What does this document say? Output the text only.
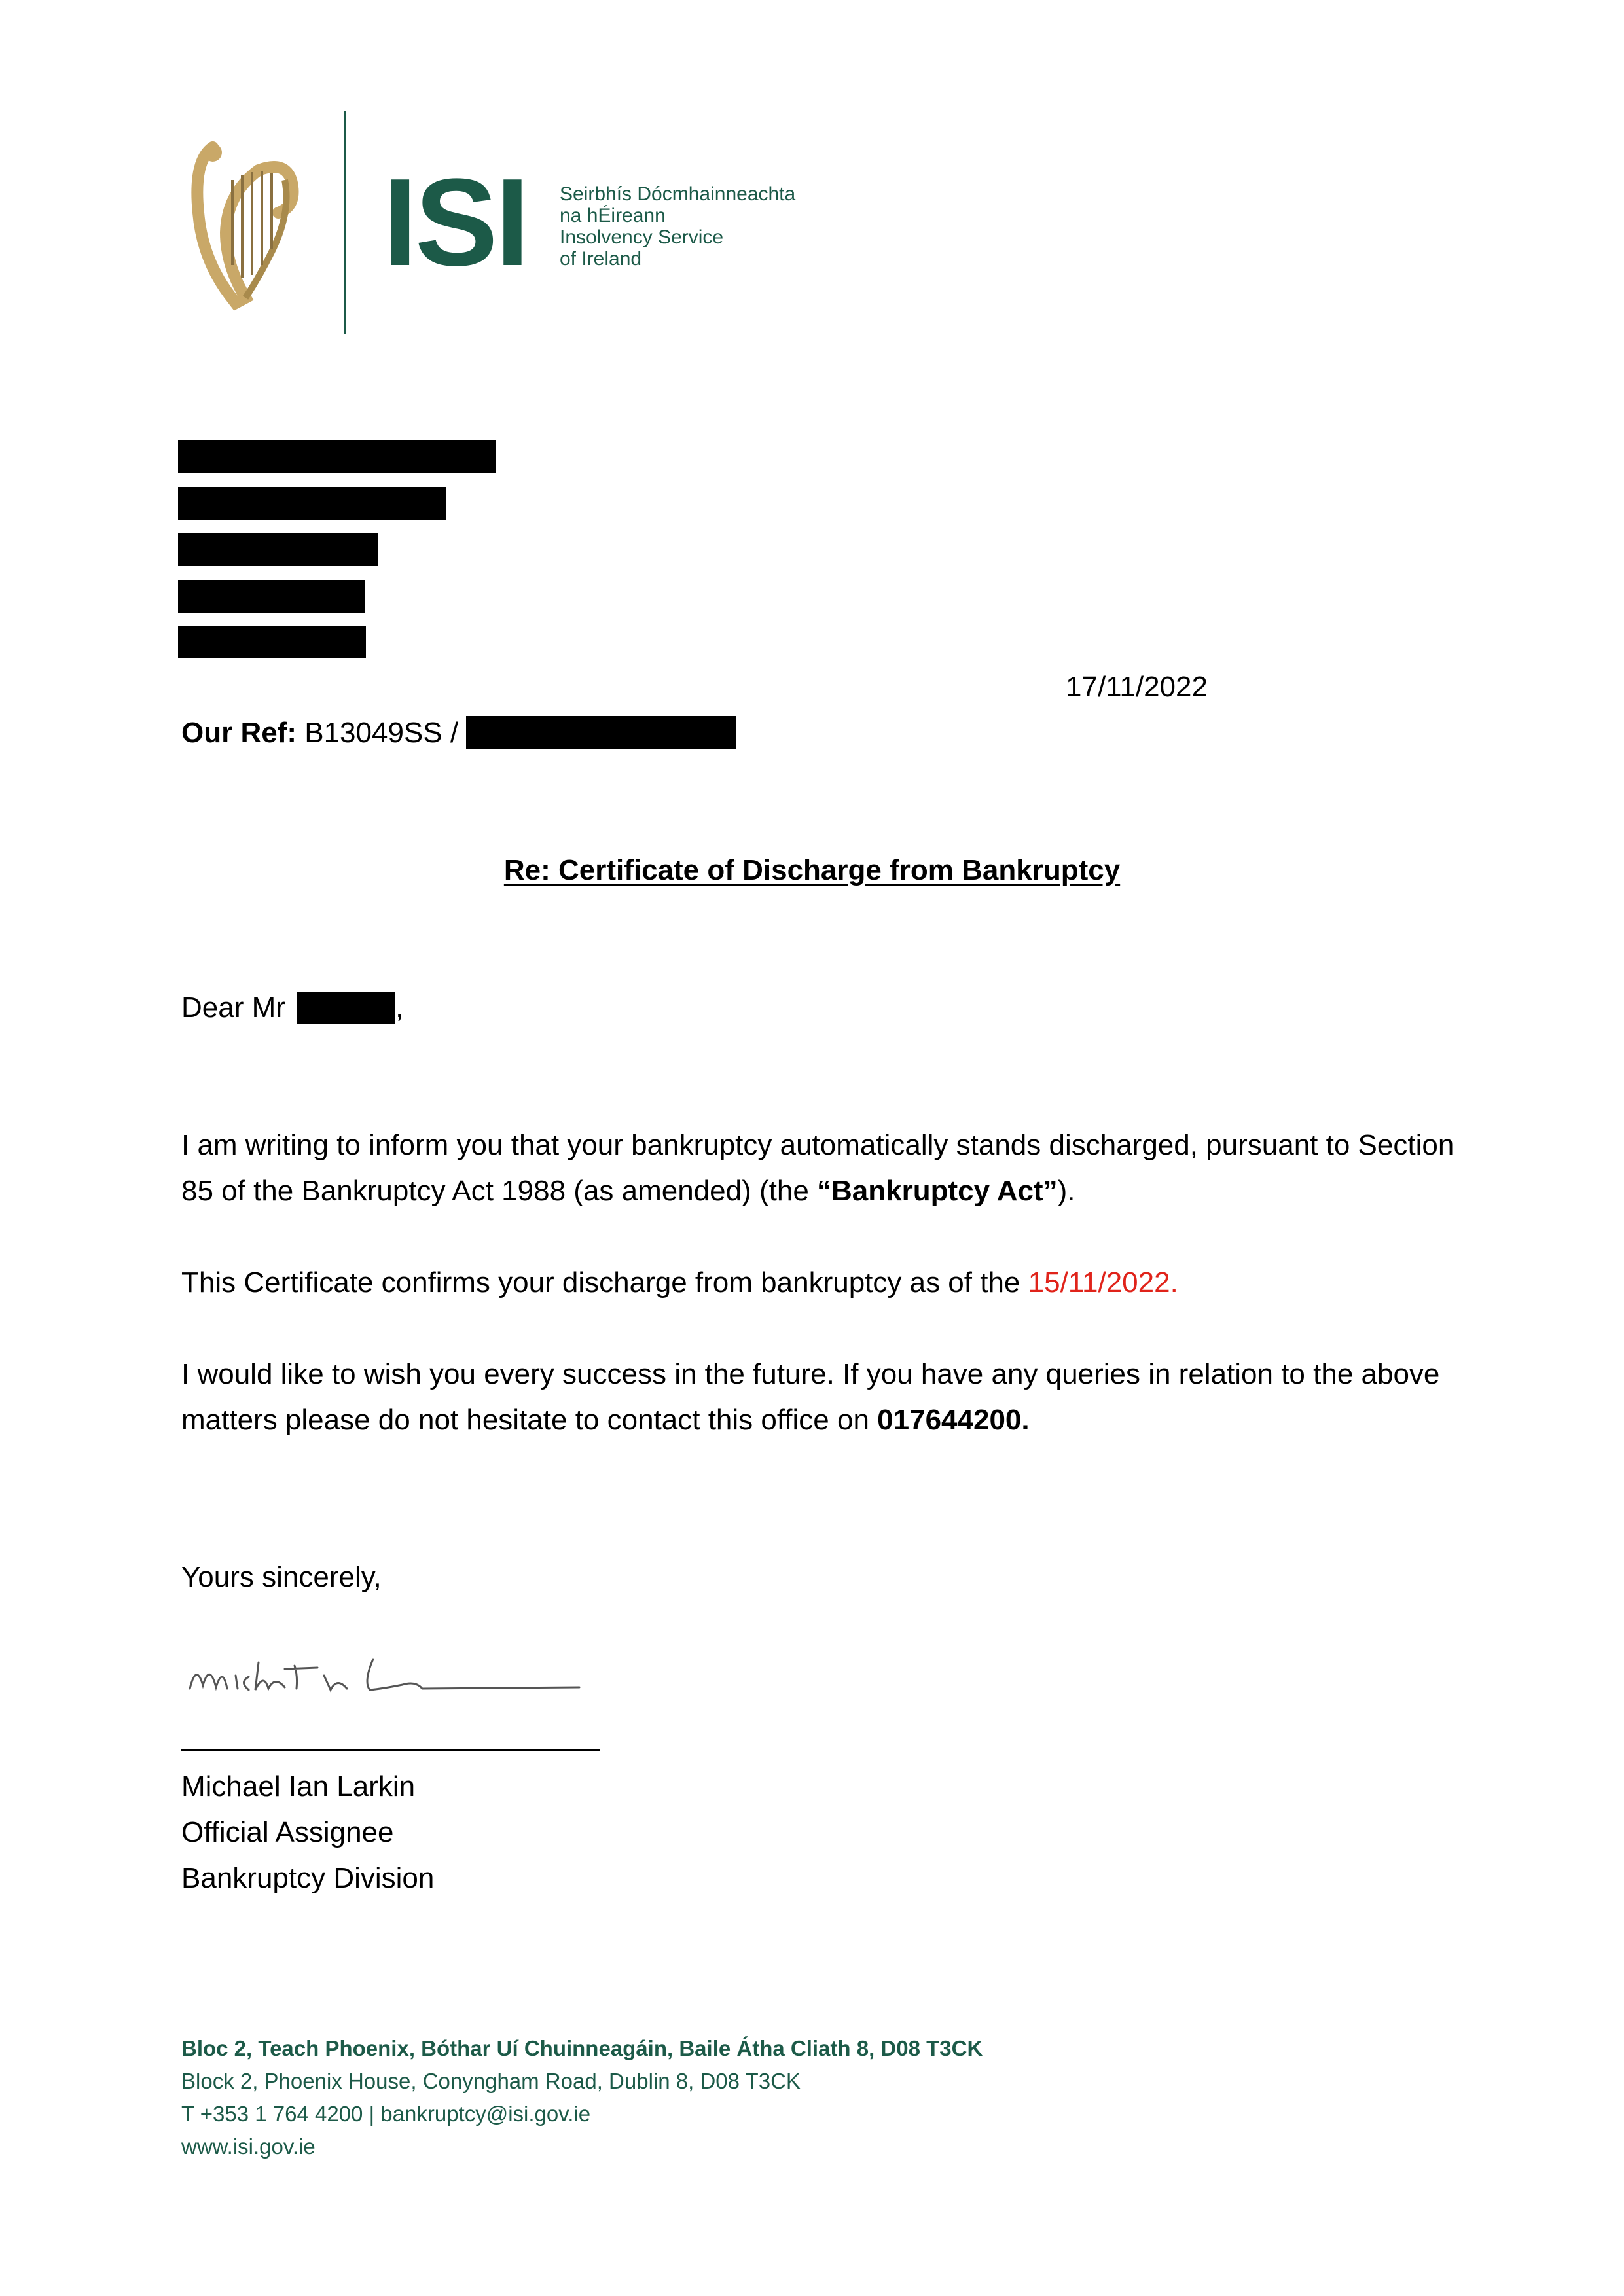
ISI Seirbhís Dócmhainneachta
na hÉireann
Insolvency Service
of Ireland
17/11/2022
Our Ref: B13049SS /
Re: Certificate of Discharge from Bankruptcy
Dear Mr	,
I am writing to inform you that your bankruptcy automatically stands discharged, pursuant to Section 85 of the Bankruptcy Act 1988 (as amended) (the “Bankruptcy Act”).
This Certificate confirms your discharge from bankruptcy as of the 15/11/2022.
I would like to wish you every success in the future. If you have any queries in relation to the above matters please do not hesitate to contact this office on 017644200.
Yours sincerely,
Michael Ian Larkin
Official Assignee
Bankruptcy Division
Bloc 2, Teach Phoenix, Bóthar Uí Chuinneagáin, Baile Átha Cliath 8, D08 T3CK
Block 2, Phoenix House, Conyngham Road, Dublin 8, D08 T3CK
T +353 1 764 4200 | bankruptcy@isi.gov.ie
www.isi.gov.ie
